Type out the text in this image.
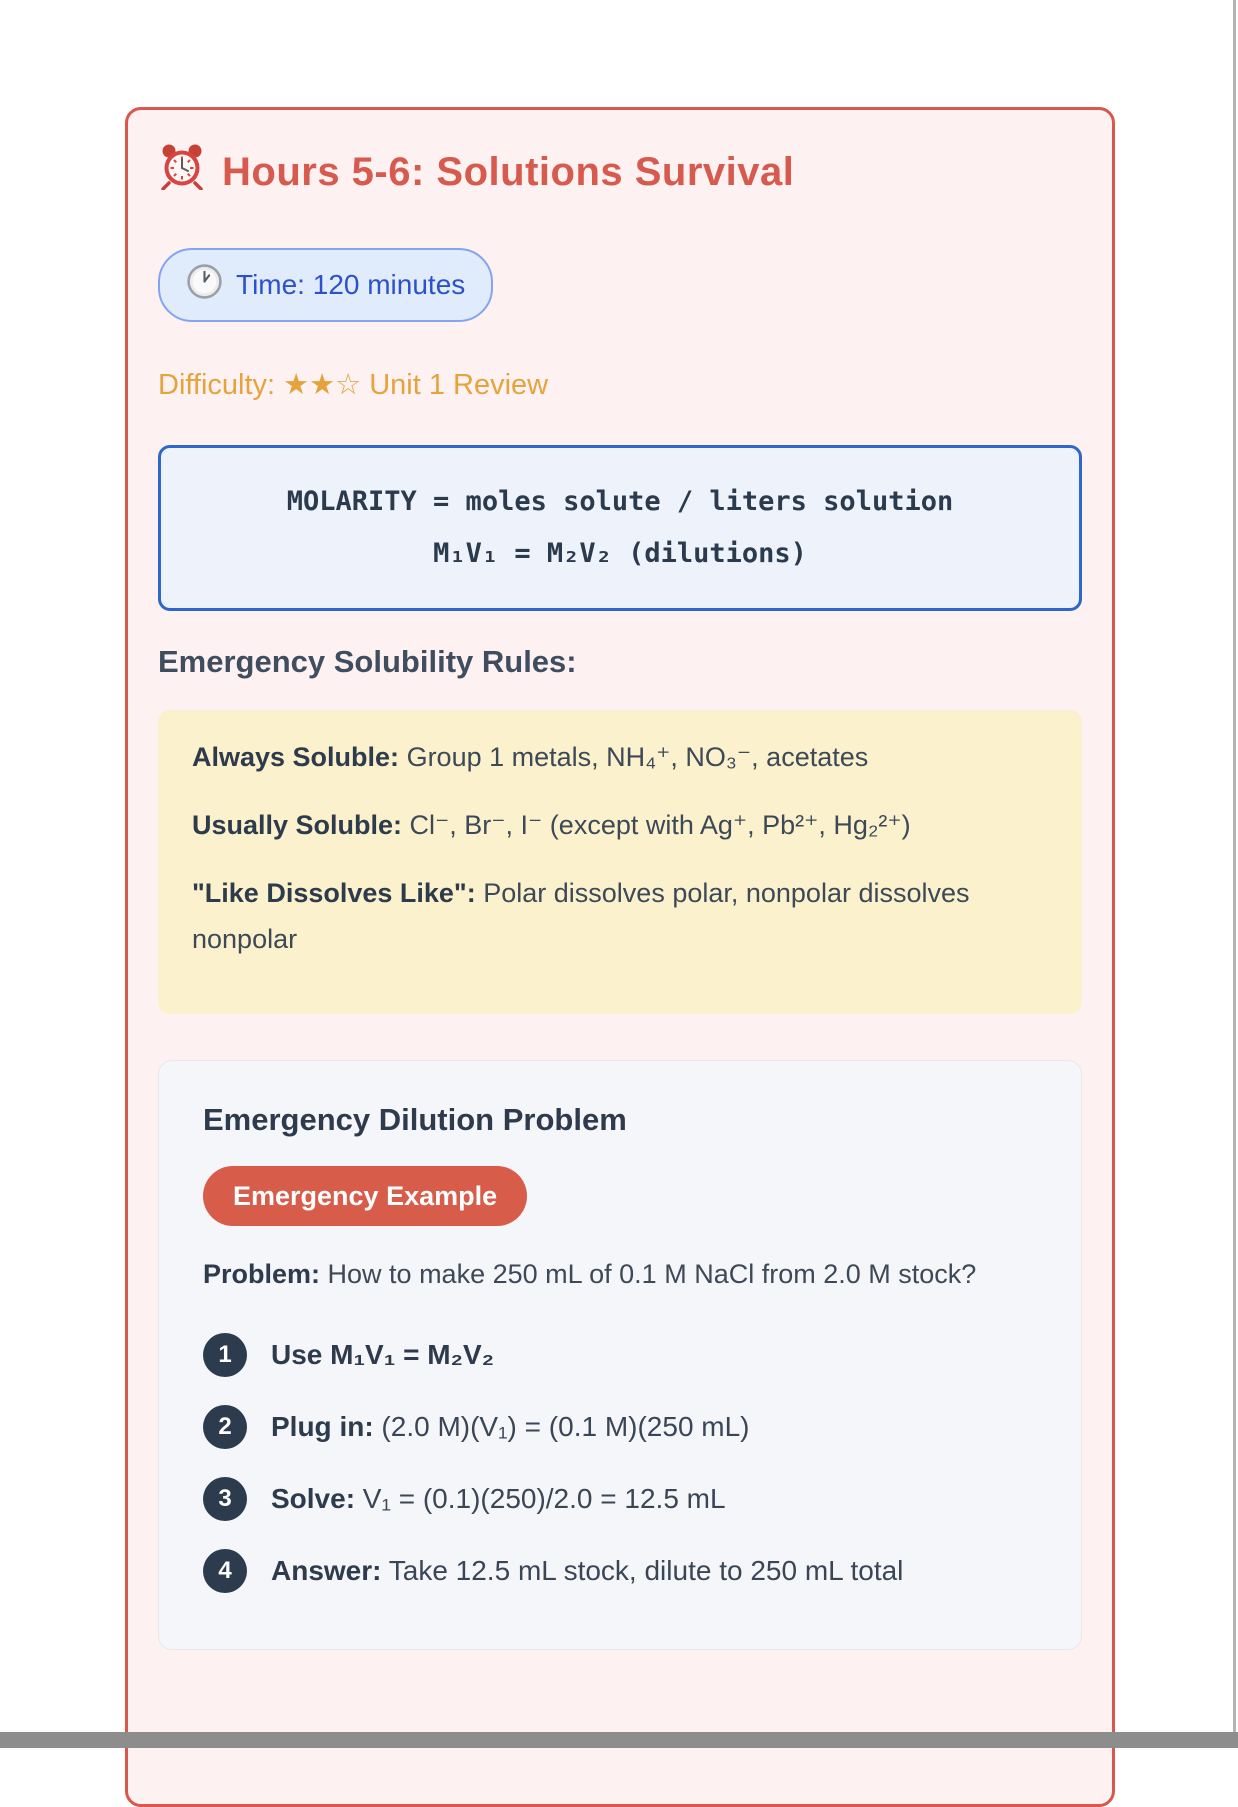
Hours 5-6: Solutions Survival
Time: 120 minutes
Difficulty: ★★☆ Unit 1 Review
MOLARITY = moles solute / liters solution
M₁V₁ = M₂V₂ (dilutions)
Emergency Solubility Rules:

Always Soluble: Group 1 metals, NH₄⁺, NO₃⁻, acetates

Usually Soluble: Cl⁻, Br⁻, I⁻ (except with Ag⁺, Pb²⁺, Hg₂²⁺)

"Like Dissolves Like": Polar dissolves polar, nonpolar dissolves nonpolar

Emergency Dilution Problem
Emergency Example

Problem: How to make 250 mL of 0.1 M NaCl from 2.0 M stock?

1	Use M₁V₁ = M₂V₂
2	Plug in: (2.0 M)(V₁) = (0.1 M)(250 mL)
3	Solve: V₁ = (0.1)(250)/2.0 = 12.5 mL
4	Answer: Take 12.5 mL stock, dilute to 250 mL total
